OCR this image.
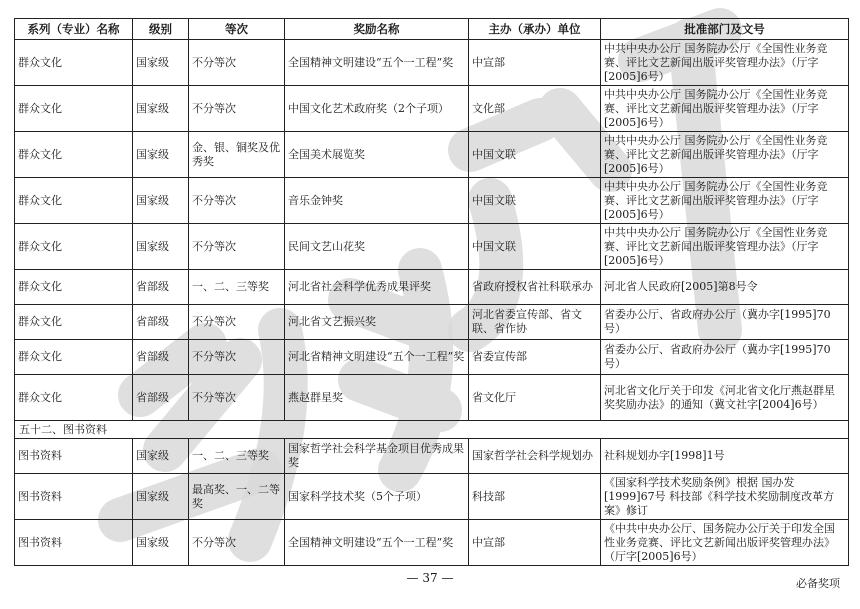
系列（专业）名称	级别	等次	奖励名称	主办（承办）单位	批准部门及文号
群众文化	国家级	不分等次	全国精神文明建设“五个一工程”奖	中宣部	中共中央办公厅 国务院办公厅《全国性业务竞赛、评比文艺新闻出版评奖管理办法》（厅字[2005]6号）
群众文化	国家级	不分等次	中国文化艺术政府奖（2个子项）	文化部	中共中央办公厅 国务院办公厅《全国性业务竞赛、评比文艺新闻出版评奖管理办法》（厅字[2005]6号）
群众文化	国家级	金、银、铜奖及优秀奖	全国美术展览奖	中国文联	中共中央办公厅 国务院办公厅《全国性业务竞赛、评比文艺新闻出版评奖管理办法》（厅字[2005]6号）
群众文化	国家级	不分等次	音乐金钟奖	中国文联	中共中央办公厅 国务院办公厅《全国性业务竞赛、评比文艺新闻出版评奖管理办法》（厅字[2005]6号）
群众文化	国家级	不分等次	民间文艺山花奖	中国文联	中共中央办公厅 国务院办公厅《全国性业务竞赛、评比文艺新闻出版评奖管理办法》（厅字[2005]6号）
群众文化	省部级	一、二、三等奖	河北省社会科学优秀成果评奖	省政府授权省社科联承办	河北省人民政府[2005]第8号令
群众文化	省部级	不分等次	河北省文艺振兴奖	河北省委宣传部、省文联、省作协	省委办公厅、省政府办公厅（冀办字[1995]70号）
群众文化	省部级	不分等次	河北省精神文明建设“五个一工程”奖	省委宣传部	省委办公厅、省政府办公厅（冀办字[1995]70号）
群众文化	省部级	不分等次	燕赵群星奖	省文化厅	河北省文化厅关于印发《河北省文化厅燕赵群星奖奖励办法》的通知（冀文社字[2004]6号）
五十二、图书资料					
图书资料	国家级	一、二、三等奖	国家哲学社会科学基金项目优秀成果奖	国家哲学社会科学规划办	社科规划办字[1998]1号
图书资料	国家级	最高奖、一、二等奖	国家科学技术奖（5个子项）	科技部	《国家科学技术奖励条例》根据 国办发[1999]67号 科技部《科学技术奖励制度改革方案》修订
图书资料	国家级	不分等次	全国精神文明建设“五个一工程”奖	中宣部	《中共中央办公厅、国务院办公厅关于印发全国性业务竞赛、评比文艺新闻出版评奖管理办法》（厅字[2005]6号）
— 37 —	必备奖项
